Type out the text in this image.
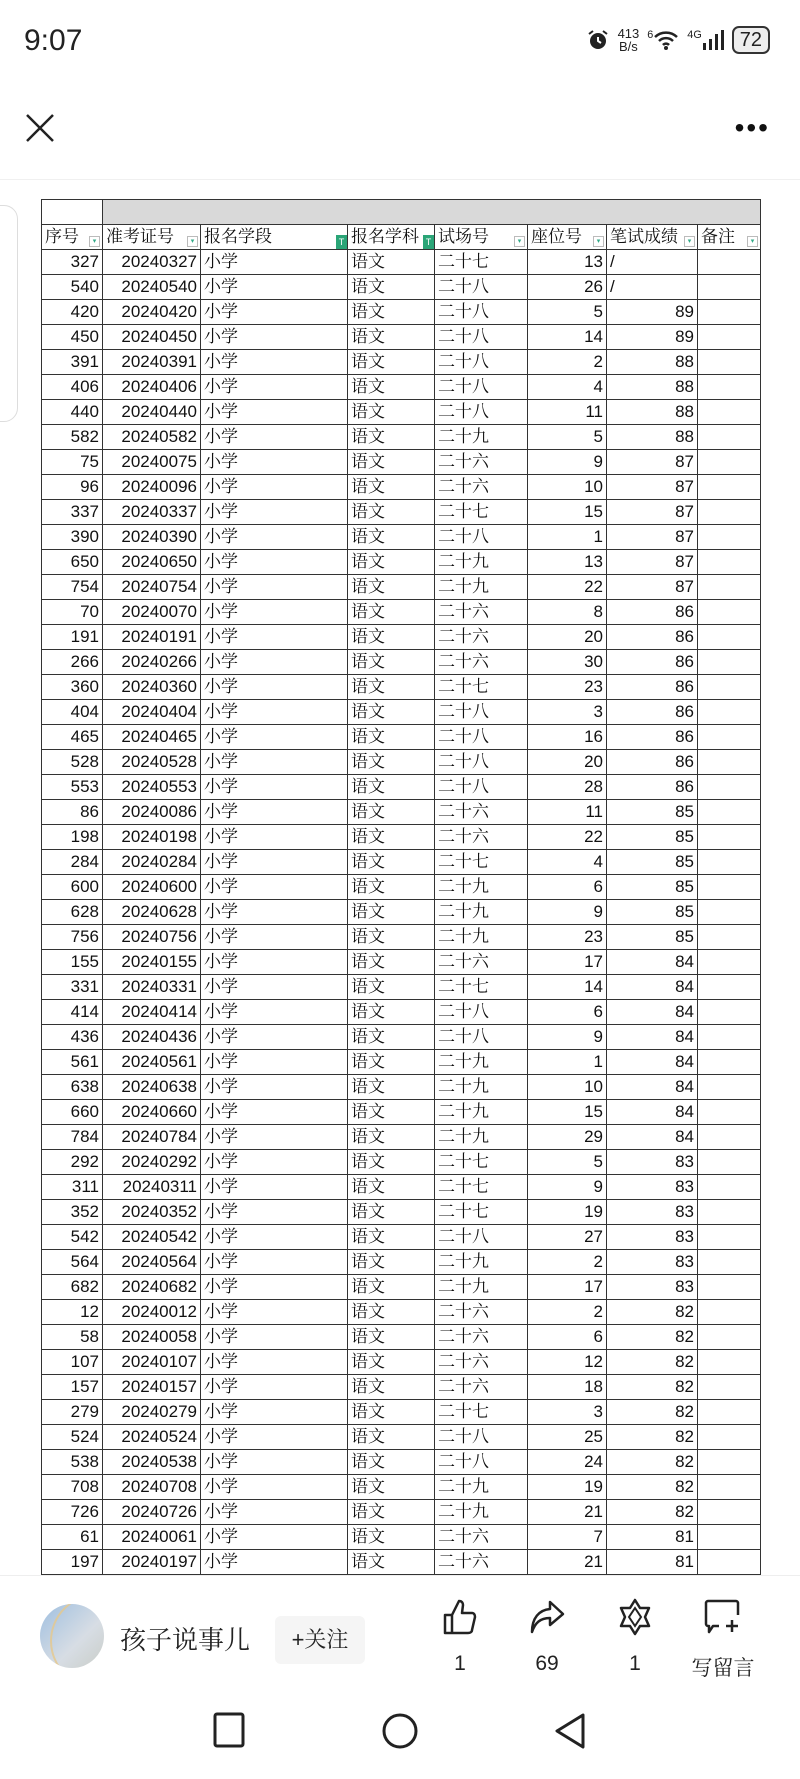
9:07	413
B/s
6	4G	72
•••

序号 ▾	准考证号 ▾	报名学段 T	报名学科 T	试场号 ▾	座位号 ▾	笔试成绩 ▾	备注 ▾

327	20240327	小学	语文	二十七	13	/	
540	20240540	小学	语文	二十八	26	/	
420	20240420	小学	语文	二十八	5	89	
450	20240450	小学	语文	二十八	14	89	
391	20240391	小学	语文	二十八	2	88	
406	20240406	小学	语文	二十八	4	88	
440	20240440	小学	语文	二十八	11	88	
582	20240582	小学	语文	二十九	5	88	
75	20240075	小学	语文	二十六	9	87	
96	20240096	小学	语文	二十六	10	87	
337	20240337	小学	语文	二十七	15	87	
390	20240390	小学	语文	二十八	1	87	
650	20240650	小学	语文	二十九	13	87	
754	20240754	小学	语文	二十九	22	87	
70	20240070	小学	语文	二十六	8	86	
191	20240191	小学	语文	二十六	20	86	
266	20240266	小学	语文	二十六	30	86	
360	20240360	小学	语文	二十七	23	86	
404	20240404	小学	语文	二十八	3	86	
465	20240465	小学	语文	二十八	16	86	
528	20240528	小学	语文	二十八	20	86	
553	20240553	小学	语文	二十八	28	86	
86	20240086	小学	语文	二十六	11	85	
198	20240198	小学	语文	二十六	22	85	
284	20240284	小学	语文	二十七	4	85	
600	20240600	小学	语文	二十九	6	85	
628	20240628	小学	语文	二十九	9	85	
756	20240756	小学	语文	二十九	23	85	
155	20240155	小学	语文	二十六	17	84	
331	20240331	小学	语文	二十七	14	84	
414	20240414	小学	语文	二十八	6	84	
436	20240436	小学	语文	二十八	9	84	
561	20240561	小学	语文	二十九	1	84	
638	20240638	小学	语文	二十九	10	84	
660	20240660	小学	语文	二十九	15	84	
784	20240784	小学	语文	二十九	29	84	
292	20240292	小学	语文	二十七	5	83	
311	20240311	小学	语文	二十七	9	83	
352	20240352	小学	语文	二十七	19	83	
542	20240542	小学	语文	二十八	27	83	
564	20240564	小学	语文	二十九	2	83	
682	20240682	小学	语文	二十九	17	83	
12	20240012	小学	语文	二十六	2	82	
58	20240058	小学	语文	二十六	6	82	
107	20240107	小学	语文	二十六	12	82	
157	20240157	小学	语文	二十六	18	82	
279	20240279	小学	语文	二十七	3	82	
524	20240524	小学	语文	二十八	25	82	
538	20240538	小学	语文	二十八	24	82	
708	20240708	小学	语文	二十九	19	82	
726	20240726	小学	语文	二十九	21	82	
61	20240061	小学	语文	二十六	7	81	
197	20240197	小学	语文	二十六	21	81	
孩子说事儿	+关注
1	69	1	写留言
